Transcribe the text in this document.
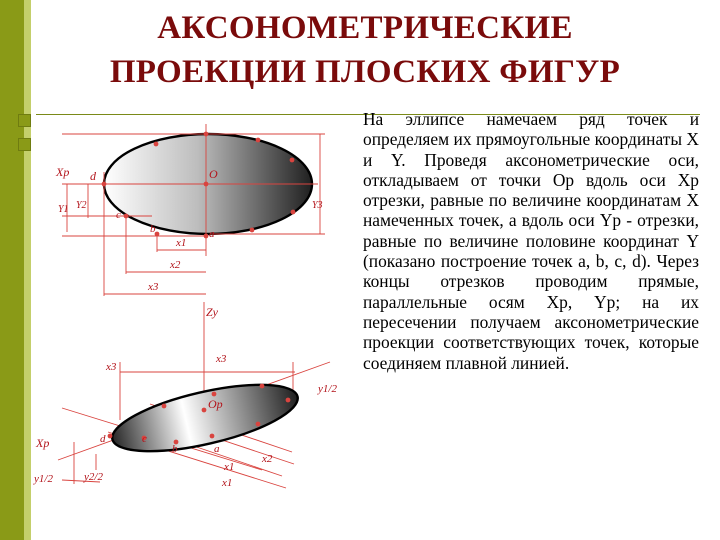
АКСОНОМЕТРИЧЕСКИЕ
ПРОЕКЦИИ ПЛОСКИХ ФИГУР
На эллипсе намечаем ряд точек и определяем их прямоугольные координаты X и Y. Проведя аксонометрические оси, откладываем от точки Oр вдоль оси Xр отрезки, равные по величине координатам X намеченных точек, а вдоль оси Yр - отрезки, равные по величине половине координат Y (показано построение точек а, b, с, d). Через концы отрезков проводим прямые, параллельные осям Xр, Yр; на их пересечении получаем аксонометрические проекции соответствующих точек, которые соединяем плавной линией.
Xp d	O
c
b	a
Y1 Y2	Y3
x1
x2
x3
Zy
Op
Xp
y1/2
y2/2
y1/2
d	c
b	a
x3
x3
x1
x2
x1
